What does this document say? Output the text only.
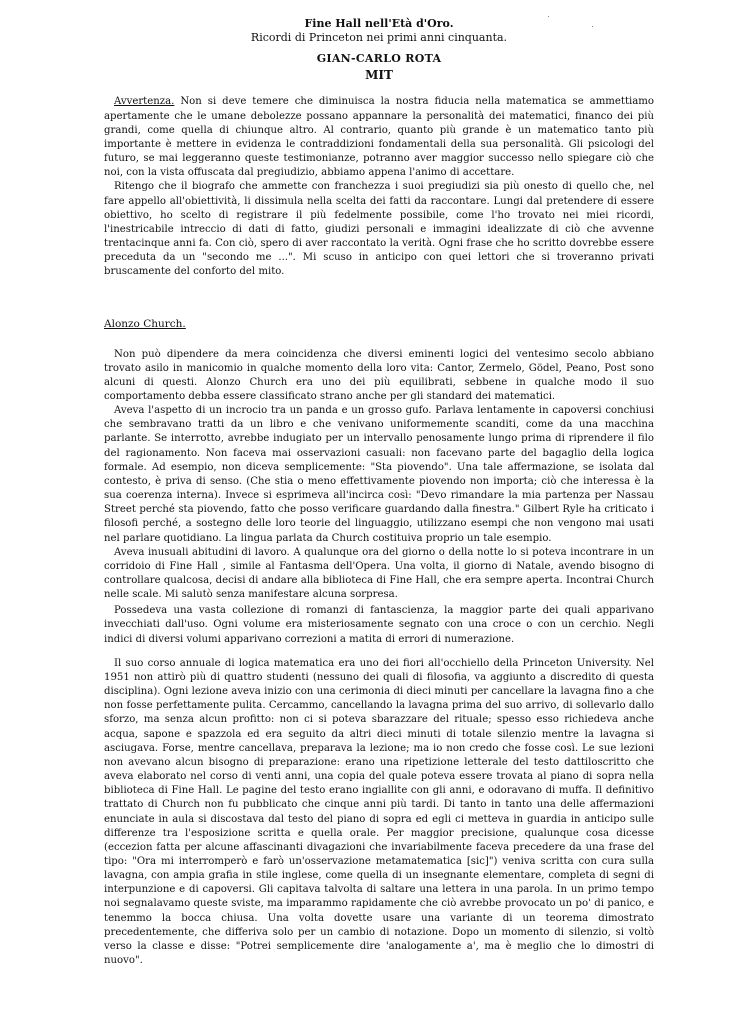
Fine Hall nell'Età d'Oro.
Ricordi di Princeton nei primi anni cinquanta.
GIAN-CARLO ROTA
MIT

Avvertenza. Non si deve temere che diminuisca la nostra fiducia nella matematica se ammettiamo apertamente che le umane debolezze possano appannare la personalità dei matematici, financo dei più grandi, come quella di chiunque altro. Al contrario, quanto più grande è un matematico tanto più importante è mettere in evidenza le contraddizioni fondamentali della sua personalità. Gli psicologi del futuro, se mai leggeranno queste testimonianze, potranno aver maggior successo nello spiegare ciò che noi, con la vista offuscata dal pregiudizio, abbiamo appena l'animo di accettare.

Ritengo che il biografo che ammette con franchezza i suoi pregiudizi sia più onesto di quello che, nel fare appello all'obiettività, li dissimula nella scelta dei fatti da raccontare. Lungi dal pretendere di essere obiettivo, ho scelto di registrare il più fedelmente possibile, come l'ho trovato nei miei ricordi, l'inestricabile intreccio di dati di fatto, giudizi personali e immagini idealizzate di ciò che avvenne trentacinque anni fa. Con ciò, spero di aver raccontato la verità. Ogni frase che ho scritto dovrebbe essere preceduta da un "secondo me ...". Mi scuso in anticipo con quei lettori che si troveranno privati bruscamente del conforto del mito.

Alonzo Church.

Non può dipendere da mera coincidenza che diversi eminenti logici del ventesimo secolo abbiano trovato asilo in manicomio in qualche momento della loro vita: Cantor, Zermelo, Gödel, Peano, Post sono alcuni di questi. Alonzo Church era uno dei più equilibrati, sebbene in qualche modo il suo comportamento debba essere classificato strano anche per gli standard dei matematici.

Aveva l'aspetto di un incrocio tra un panda e un grosso gufo. Parlava lentamente in capoversi conchiusi che sembravano tratti da un libro e che venivano uniformemente scanditi, come da una macchina parlante. Se interrotto, avrebbe indugiato per un intervallo penosamente lungo prima di riprendere il filo del ragionamento. Non faceva mai osservazioni casuali: non facevano parte del bagaglio della logica formale. Ad esempio, non diceva semplicemente: "Sta piovendo". Una tale affermazione, se isolata dal contesto, è priva di senso. (Che stia o meno effettivamente piovendo non importa; ciò che interessa è la sua coerenza interna). Invece si esprimeva all'incirca così: "Devo rimandare la mia partenza per Nassau Street perché sta piovendo, fatto che posso verificare guardando dalla finestra." Gilbert Ryle ha criticato i filosofi perché, a sostegno delle loro teorie del linguaggio, utilizzano esempi che non vengono mai usati nel parlare quotidiano. La lingua parlata da Church costituiva proprio un tale esempio.

Aveva inusuali abitudini di lavoro. A qualunque ora del giorno o della notte lo si poteva incontrare in un corridoio di Fine Hall , simile al Fantasma dell'Opera. Una volta, il giorno di Natale, avendo bisogno di controllare qualcosa, decisi di andare alla biblioteca di Fine Hall, che era sempre aperta. Incontrai Church nelle scale. Mi salutò senza manifestare alcuna sorpresa.

Possedeva una vasta collezione di romanzi di fantascienza, la maggior parte dei quali apparivano invecchiati dall'uso. Ogni volume era misteriosamente segnato con una croce o con un cerchio. Negli indici di diversi volumi apparivano correzioni a matita di errori di numerazione.

Il suo corso annuale di logica matematica era uno dei fiori all'occhiello della Princeton University. Nel 1951 non attirò più di quattro studenti (nessuno dei quali di filosofia, va aggiunto a discredito di questa disciplina). Ogni lezione aveva inizio con una cerimonia di dieci minuti per cancellare la lavagna fino a che non fosse perfettamente pulita. Cercammo, cancellando la lavagna prima del suo arrivo, di sollevarlo dallo sforzo, ma senza alcun profitto: non ci si poteva sbarazzare del rituale; spesso esso richiedeva anche acqua, sapone e spazzola ed era seguito da altri dieci minuti di totale silenzio mentre la lavagna si asciugava. Forse, mentre cancellava, preparava la lezione; ma io non credo che fosse così. Le sue lezioni non avevano alcun bisogno di preparazione: erano una ripetizione letterale del testo dattiloscritto che aveva elaborato nel corso di venti anni, una copia del quale poteva essere trovata al piano di sopra nella biblioteca di Fine Hall. Le pagine del testo erano ingiallite con gli anni, e odoravano di muffa. Il definitivo trattato di Church non fu pubblicato che cinque anni più tardi. Di tanto in tanto una delle affermazioni enunciate in aula si discostava dal testo del piano di sopra ed egli ci metteva in guardia in anticipo sulle differenze tra l'esposizione scritta e quella orale. Per maggior precisione, qualunque cosa dicesse (eccezion fatta per alcune affascinanti divagazioni che invariabilmente faceva precedere da una frase del tipo: "Ora mi interromperò e farò un'osservazione metamatematica [sic]") veniva scritta con cura sulla lavagna, con ampia grafia in stile inglese, come quella di un insegnante elementare, completa di segni di interpunzione e di capoversi. Gli capitava talvolta di saltare una lettera in una parola. In un primo tempo noi segnalavamo queste sviste, ma imparammo rapidamente che ciò avrebbe provocato un po' di panico, e tenemmo la bocca chiusa. Una volta dovette usare una variante di un teorema dimostrato precedentemente, che differiva solo per un cambio di notazione. Dopo un momento di silenzio, si voltò verso la classe e disse: "Potrei semplicemente dire 'analogamente a', ma è meglio che lo dimostri di nuovo".
